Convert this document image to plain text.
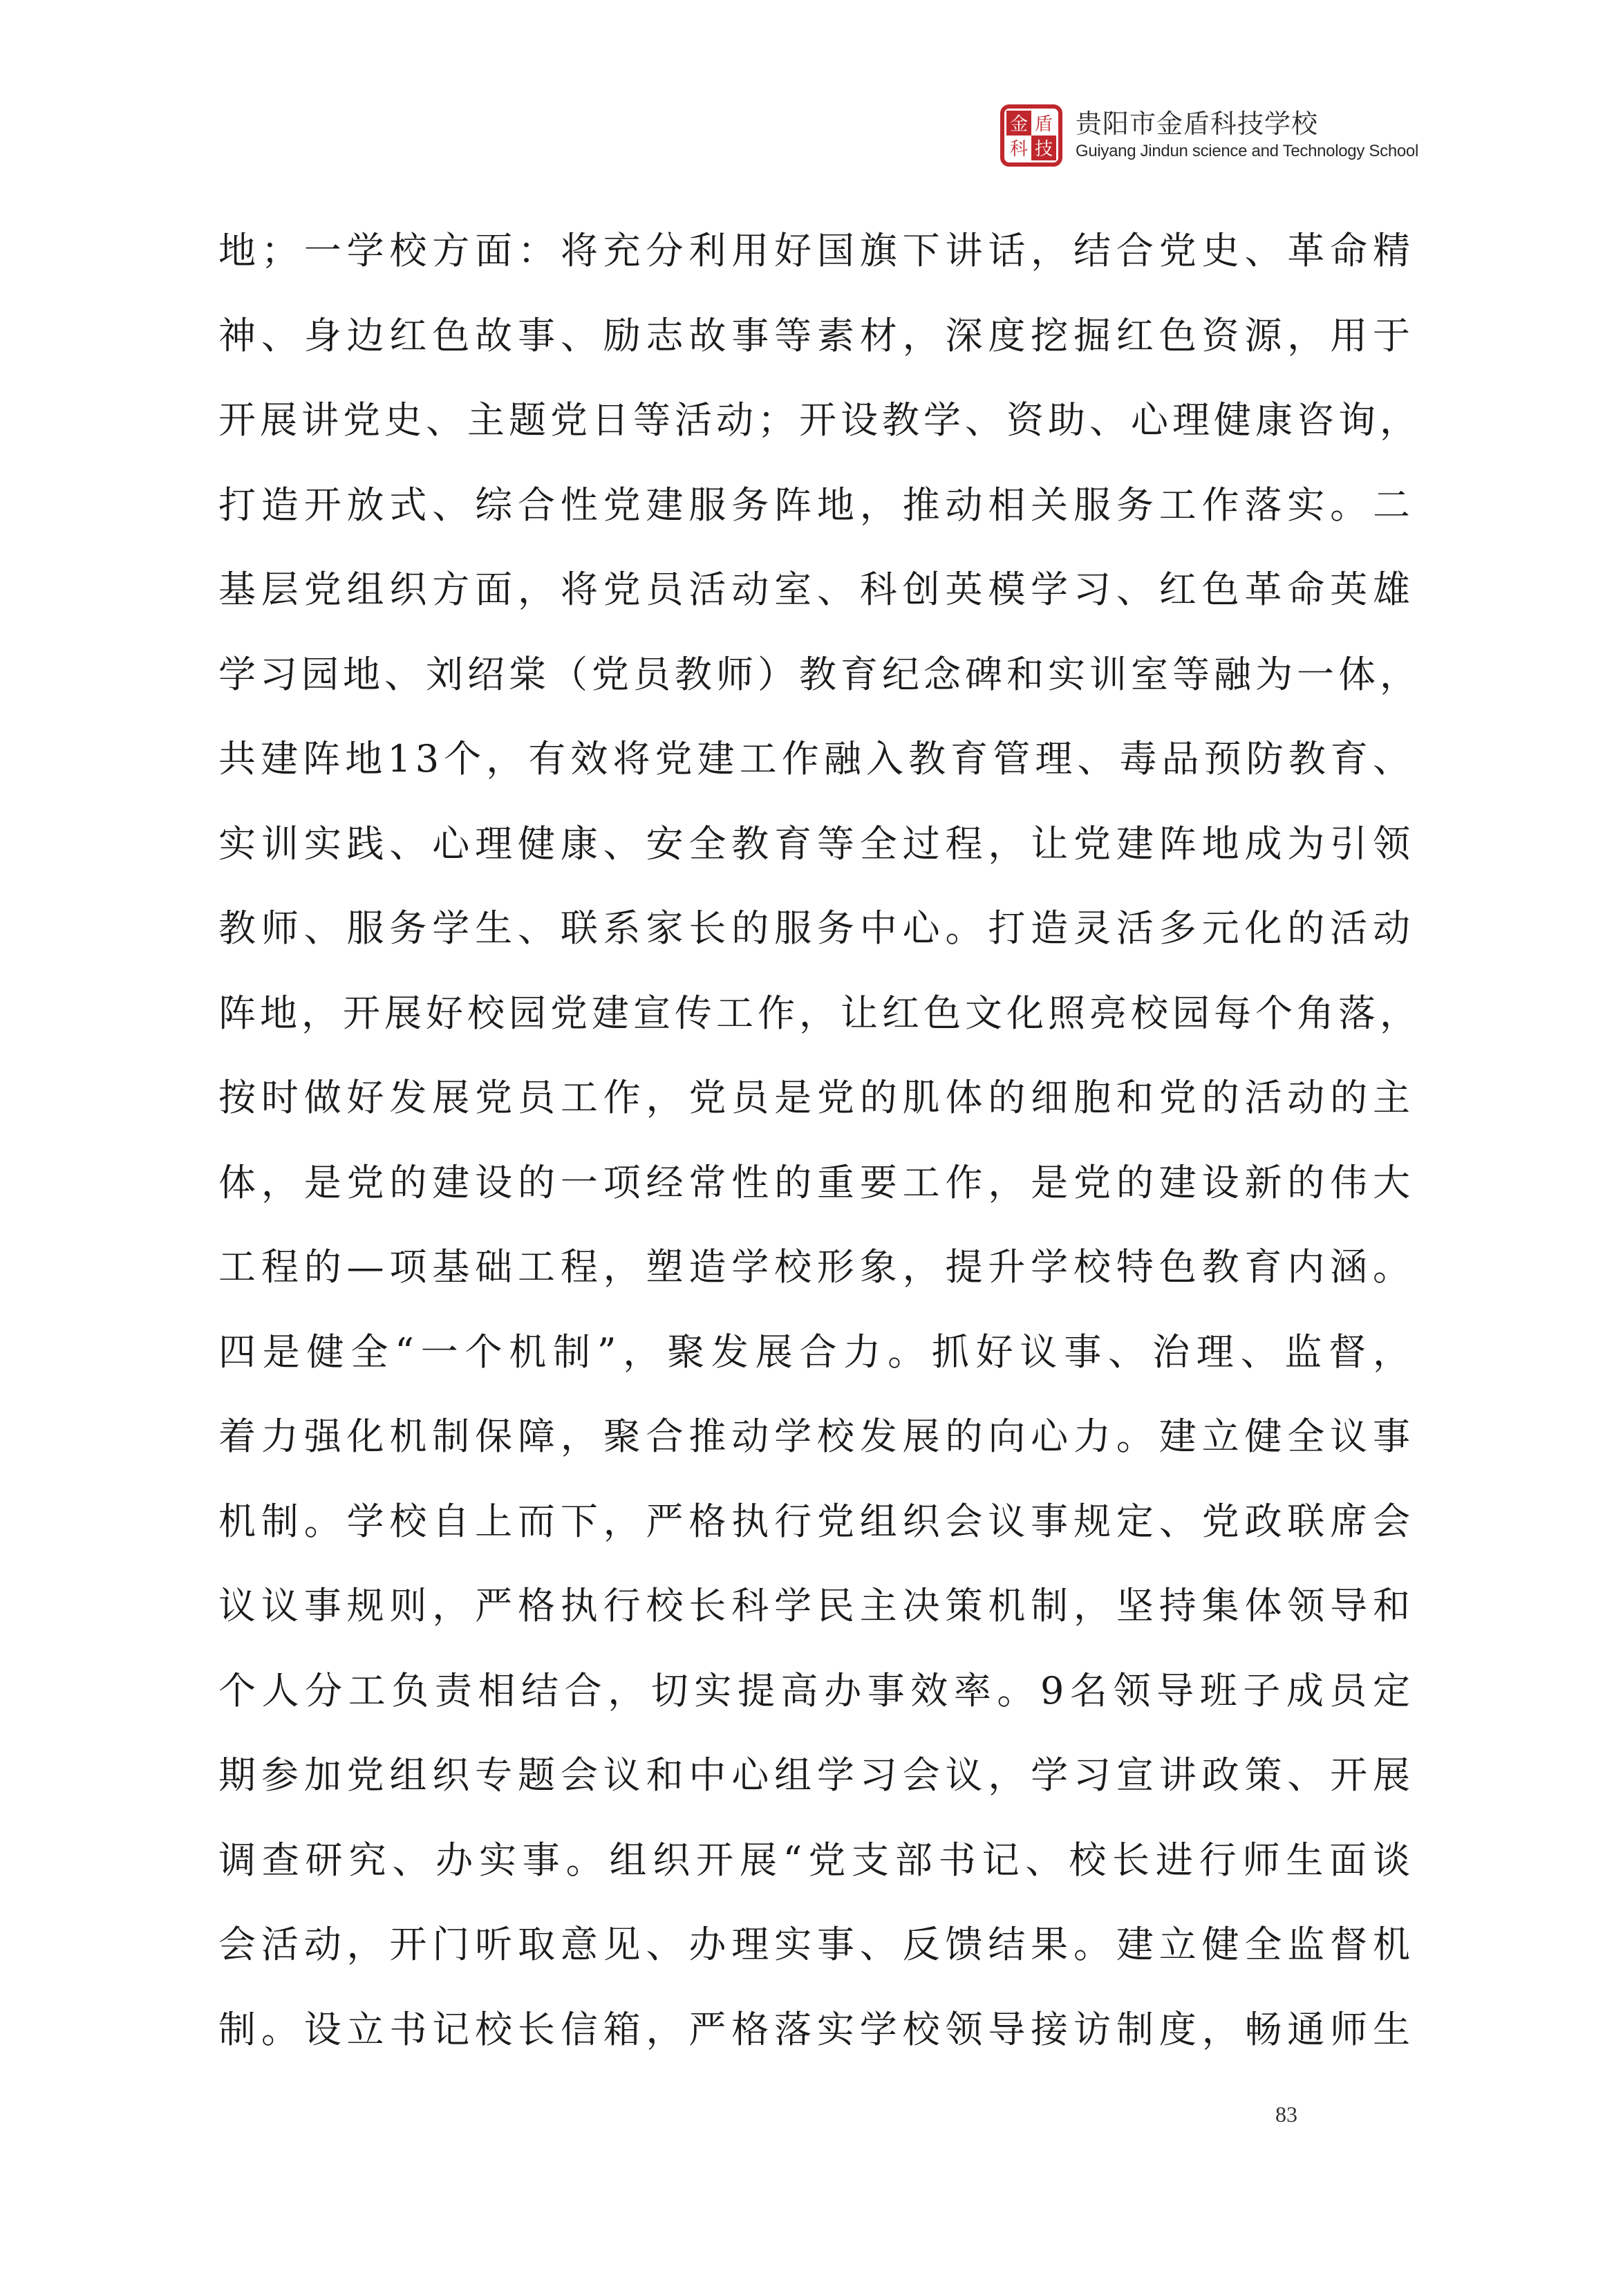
金 盾
科 技
贵阳市金盾科技学校
Guiyang Jindun science and Technology School
地；一学校方面：将充分利用好国旗下讲话，结合党史、革命精
神、身边红色故事、励志故事等素材，深度挖掘红色资源，用于
开展讲党史、主题党日等活动；开设教学、资助、心理健康咨询，
打造开放式、综合性党建服务阵地，推动相关服务工作落实。二
基层党组织方面，将党员活动室、科创英模学习、红色革命英雄
学习园地、刘绍棠（党员教师）教育纪念碑和实训室等融为一体，
共建阵地13个，有效将党建工作融入教育管理、毒品预防教育、
实训实践、心理健康、安全教育等全过程，让党建阵地成为引领
教师、服务学生、联系家长的服务中心。打造灵活多元化的活动
阵地，开展好校园党建宣传工作，让红色文化照亮校园每个角落，
按时做好发展党员工作，党员是党的肌体的细胞和党的活动的主
体，是党的建设的一项经常性的重要工作，是党的建设新的伟大
工程的—项基础工程，塑造学校形象，提升学校特色教育内涵。
四是健全“一个机制”，聚发展合力。抓好议事、治理、监督，
着力强化机制保障，聚合推动学校发展的向心力。建立健全议事
机制。学校自上而下，严格执行党组织会议事规定、党政联席会
议议事规则，严格执行校长科学民主决策机制，坚持集体领导和
个人分工负责相结合，切实提高办事效率。9名领导班子成员定
期参加党组织专题会议和中心组学习会议，学习宣讲政策、开展
调查研究、办实事。组织开展“党支部书记、校长进行师生面谈
会活动，开门听取意见、办理实事、反馈结果。建立健全监督机
制。设立书记校长信箱，严格落实学校领导接访制度，畅通师生
83
